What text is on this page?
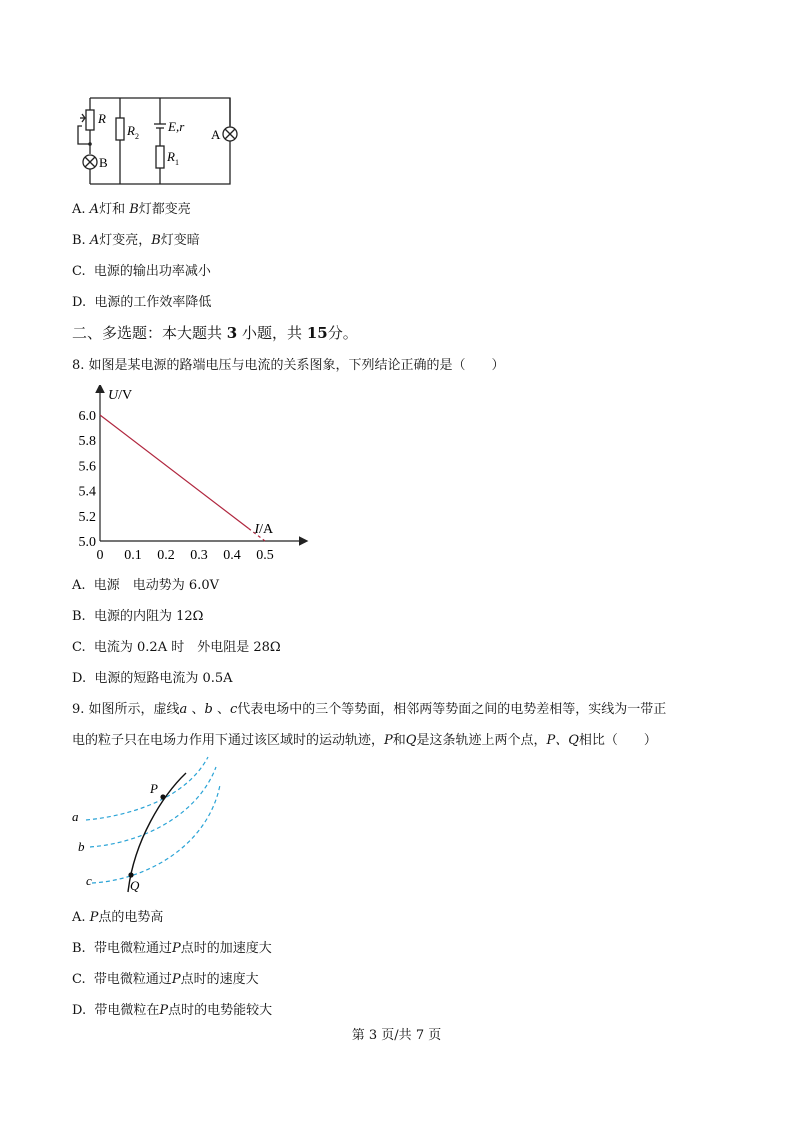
R
R 2
E,r
R 1
A
B
A. A灯和 B灯都变亮
B. A灯变亮，B灯变暗
C. 电源的输出功率减小
D. 电源的工作效率降低
二、多选题：本大题共 3 小题，共 15分。
8. 如图是某电源的路端电压与电流的关系图象，下列结论正确的是（　　）
0 0.1 0.2 0.3 0.4 0.5
5.0
5.2
5.4
5.6
5.8
6.0
U/V
I/A
A. 电源　电动势为 6.0V
B. 电源的内阻为 12Ω
C. 电流为 0.2A 时　外电阻是 28Ω
D. 电源的短路电流为 0.5A
9. 如图所示，虚线a 、b 、c代表电场中的三个等势面，相邻两等势面之间的电势差相等，实线为一带正
电的粒子只在电场力作用下通过该区域时的运动轨迹，P和Q是这条轨迹上两个点，P、Q相比（　　）
a
b
c
P
Q
A. P点的电势高
B. 带电微粒通过P点时的加速度大
C. 带电微粒通过P点时的速度大
D. 带电微粒在P点时的电势能较大
第 3 页/共 7 页
